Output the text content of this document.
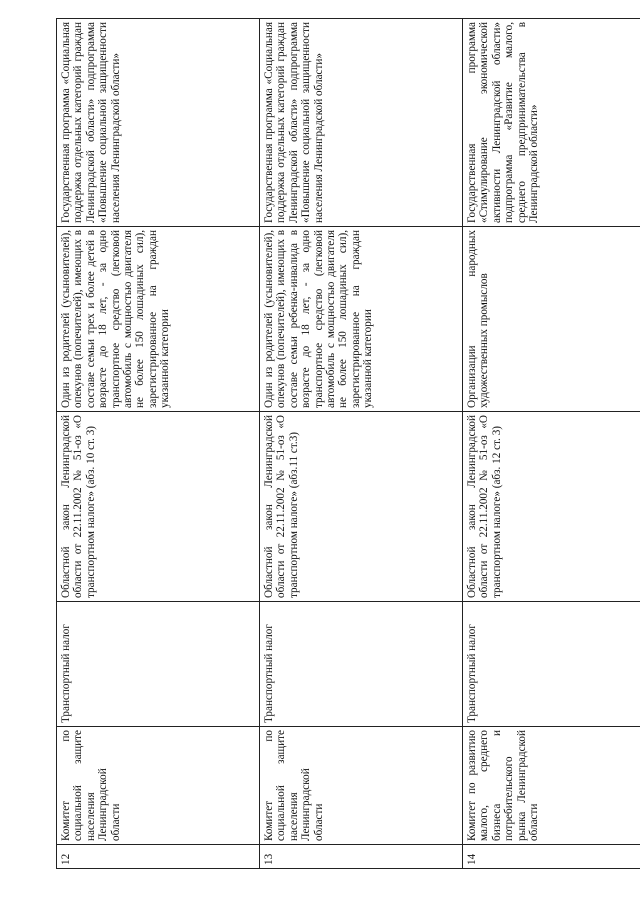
12	Комитет по социальной защите населения Ленинградской области	Транспортный налог	Областной закон Ленинградской области от 22.11.2002 № 51-оз «О транспортном налоге» (абз. 10 ст. 3)	Один из родителей (усыновителей), опекунов (попечителей), имеющих в составе семьи трех и более детей в возрасте до 18 лет, - за одно транспортное средство (легковой автомобиль с мощностью двигателя не более 150 лошадиных сил), зарегистрированное на граждан указанной категории	Государственная программа «Социальная поддержка отдельных категорий граждан Ленинградской области» подпрограмма «Повышение социальной защищенности населения Ленинградской области»
13	Комитет по социальной защите населения Ленинградской области	Транспортный налог	Областной закон Ленинградской области от 22.11.2002 № 51-оз «О транспортном налоге» (абз.11 ст.3)	Один из родителей (усыновителей), опекунов (попечителей), имеющих в составе семьи ребенка-инвалида в возрасте до 18 лет, - за одно транспортное средство (легковой автомобиль с мощностью двигателя не более 150 лошадиных сил), зарегистрированное на граждан указанной категории	Государственная программа «Социальная поддержка отдельных категорий граждан Ленинградской области» подпрограмма «Повышение социальной защищенности населения Ленинградской области»
14	Комитет по развитию малого, среднего бизнеса и потребительского рынка Ленинградской области	Транспортный налог	Областной закон Ленинградской области от 22.11.2002 № 51-оз «О транспортном налоге» (абз. 12 ст. 3)	Организации народных художественных промыслов	Государственная программа «Стимулирование экономической активности Ленинградской области» подпрограмма «Развитие малого, среднего предпринимательства в Ленинградской области»
